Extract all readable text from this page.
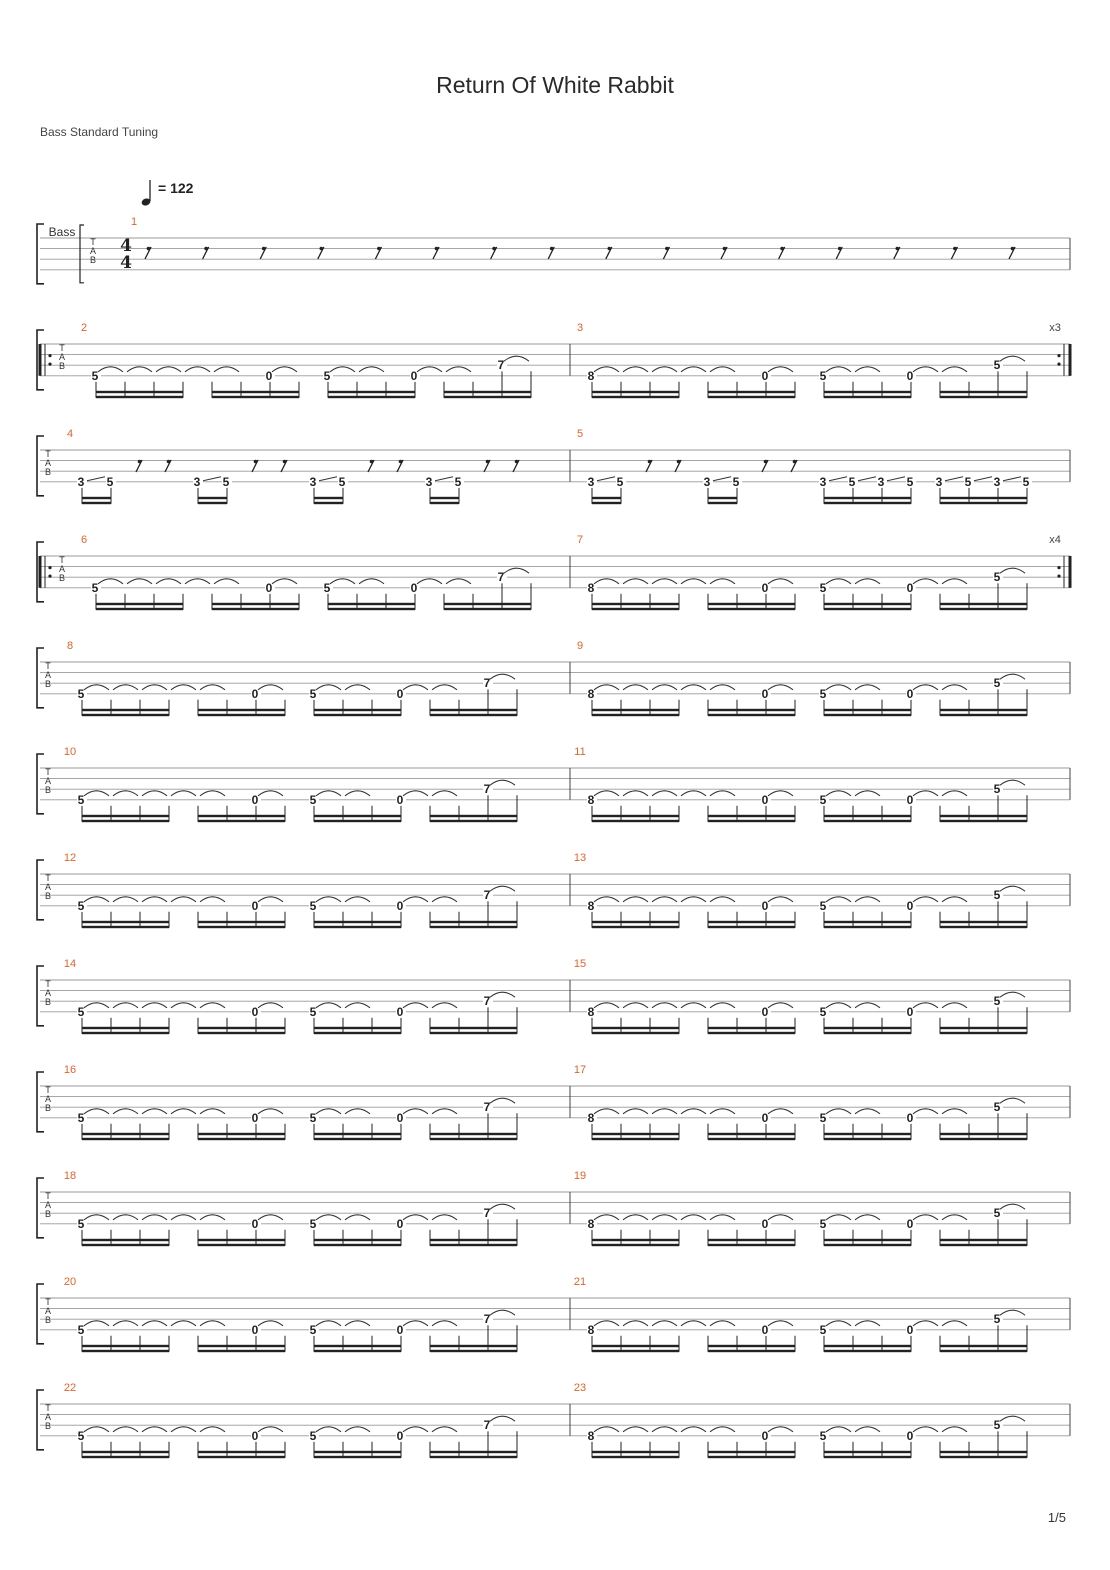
Return Of White Rabbit
Bass Standard Tuning
= 122
T
A
B
Bass
4
4
1
T
A
B
x3
2
5	0	5	0
7
3
8	0	5	0
5
T
A
B
4
3 5	3 5	3 5	3 5
5
3 5	3 5	3 5 3 5 3 5 3 5
T
A
B
x4
6
5	0	5	0
7
7
8	0	5	0
5
T
A
B
8
5	0	5	0
7
9
8	0	5	0
5
T
A
B
10
5	0	5	0
7
11
8	0	5	0
5
T
A
B
12
5	0	5	0
7
13
8	0	5	0
5
T
A
B
14
5	0	5	0
7
15
8	0	5	0
5
T
A
B
16
5	0	5	0
7
17
8	0	5	0
5
T
A
B
18
5	0	5	0
7
19
8	0	5	0
5
T
A
B
20
5	0	5	0
7
21
8	0	5	0
5
T
A
B
22
5	0	5	0
7
23
8	0	5	0
5
1/5
